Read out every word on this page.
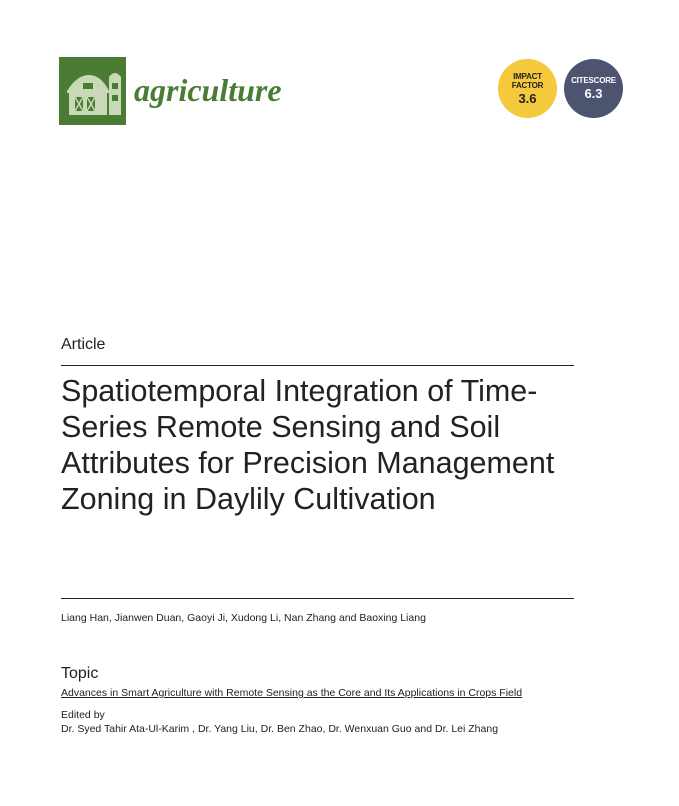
agriculture	IMPACT
FACTOR
3.6
CITESCORE
6.3
Article
Spatiotemporal Integration of Time-Series Remote Sensing and Soil Attributes for Precision Management Zoning in Daylily Cultivation
Liang Han, Jianwen Duan, Gaoyi Ji, Xudong Li, Nan Zhang and Baoxing Liang
Topic
Advances in Smart Agriculture with Remote Sensing as the Core and Its Applications in Crops Field
Edited by
Dr. Syed Tahir Ata-Ul-Karim , Dr. Yang Liu, Dr. Ben Zhao, Dr. Wenxuan Guo and Dr. Lei Zhang
